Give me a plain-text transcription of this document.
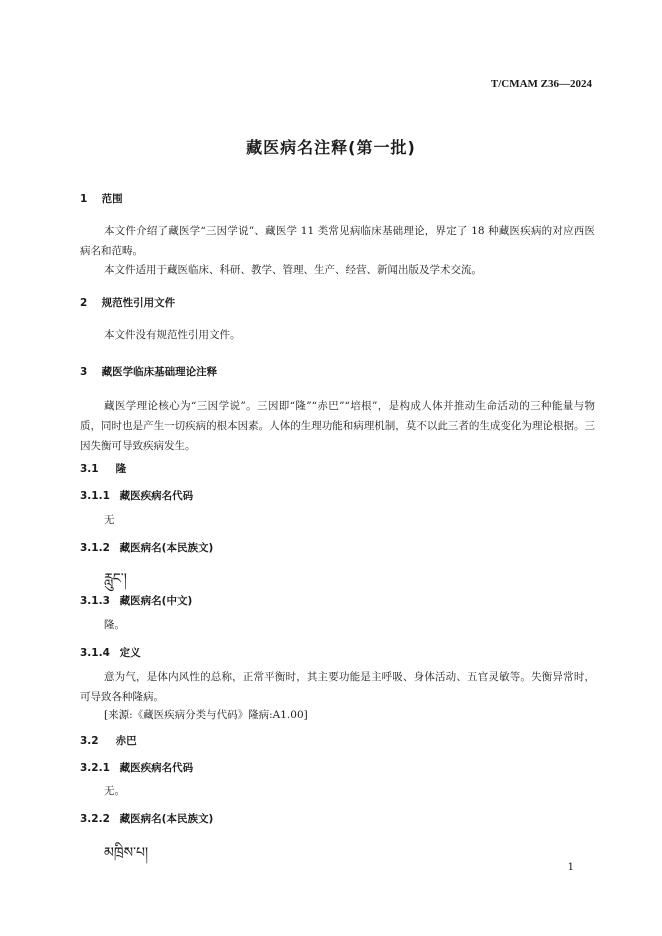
T/CMAM Z36—2024
藏医病名注释(第一批)
1 范围
本文件介绍了藏医学“三因学说”、藏医学 11 类常见病临床基础理论，界定了 18 种藏医疾病的对应西医病名和范畴。
本文件适用于藏医临床、科研、教学、管理、生产、经营、新闻出版及学术交流。
2 规范性引用文件
本文件没有规范性引用文件。
3 藏医学临床基础理论注释
藏医学理论核心为“三因学说”。三因即“隆”“赤巴”“培根”，是构成人体并推动生命活动的三种能量与物质，同时也是产生一切疾病的根本因素。人体的生理功能和病理机制，莫不以此三者的生成变化为理论根据。三因失衡可导致疾病发生。
3.1 隆
3.1.1 藏医疾病名代码
无
3.1.2 藏医病名(本民族文)
རླུང་།
3.1.3 藏医病名(中文)
隆。
3.1.4 定义
意为气，是体内风性的总称，正常平衡时，其主要功能是主呼吸、身体活动、五官灵敏等。失衡异常时，可导致各种隆病。
[来源:《藏医疾病分类与代码》隆病:A1.00]
3.2 赤巴
3.2.1 藏医疾病名代码
无。
3.2.2 藏医病名(本民族文)
མཁྲིས་པ།
1
